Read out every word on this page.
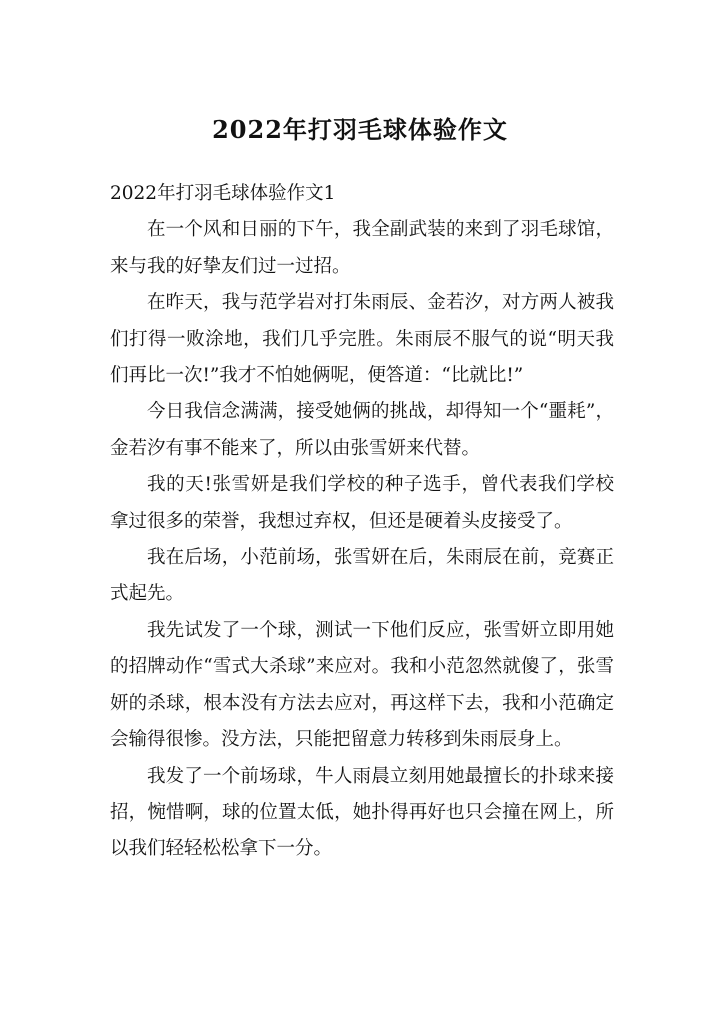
2022年打羽毛球体验作文

2022年打羽毛球体验作文1

在一个风和日丽的下午，我全副武装的来到了羽毛球馆，来与我的好挚友们过一过招。

在昨天，我与范学岩对打朱雨辰、金若汐，对方两人被我们打得一败涂地，我们几乎完胜。朱雨辰不服气的说“明天我们再比一次!”我才不怕她俩呢，便答道：“比就比!”

今日我信念满满，接受她俩的挑战，却得知一个“噩耗”，金若汐有事不能来了，所以由张雪妍来代替。

我的天!张雪妍是我们学校的种子选手，曾代表我们学校拿过很多的荣誉，我想过弃权，但还是硬着头皮接受了。

我在后场，小范前场，张雪妍在后，朱雨辰在前，竞赛正式起先。

我先试发了一个球，测试一下他们反应，张雪妍立即用她的招牌动作“雪式大杀球”来应对。我和小范忽然就傻了，张雪妍的杀球，根本没有方法去应对，再这样下去，我和小范确定会输得很惨。没方法，只能把留意力转移到朱雨辰身上。

我发了一个前场球，牛人雨晨立刻用她最擅长的扑球来接招，惋惜啊，球的位置太低，她扑得再好也只会撞在网上，所以我们轻轻松松拿下一分。
